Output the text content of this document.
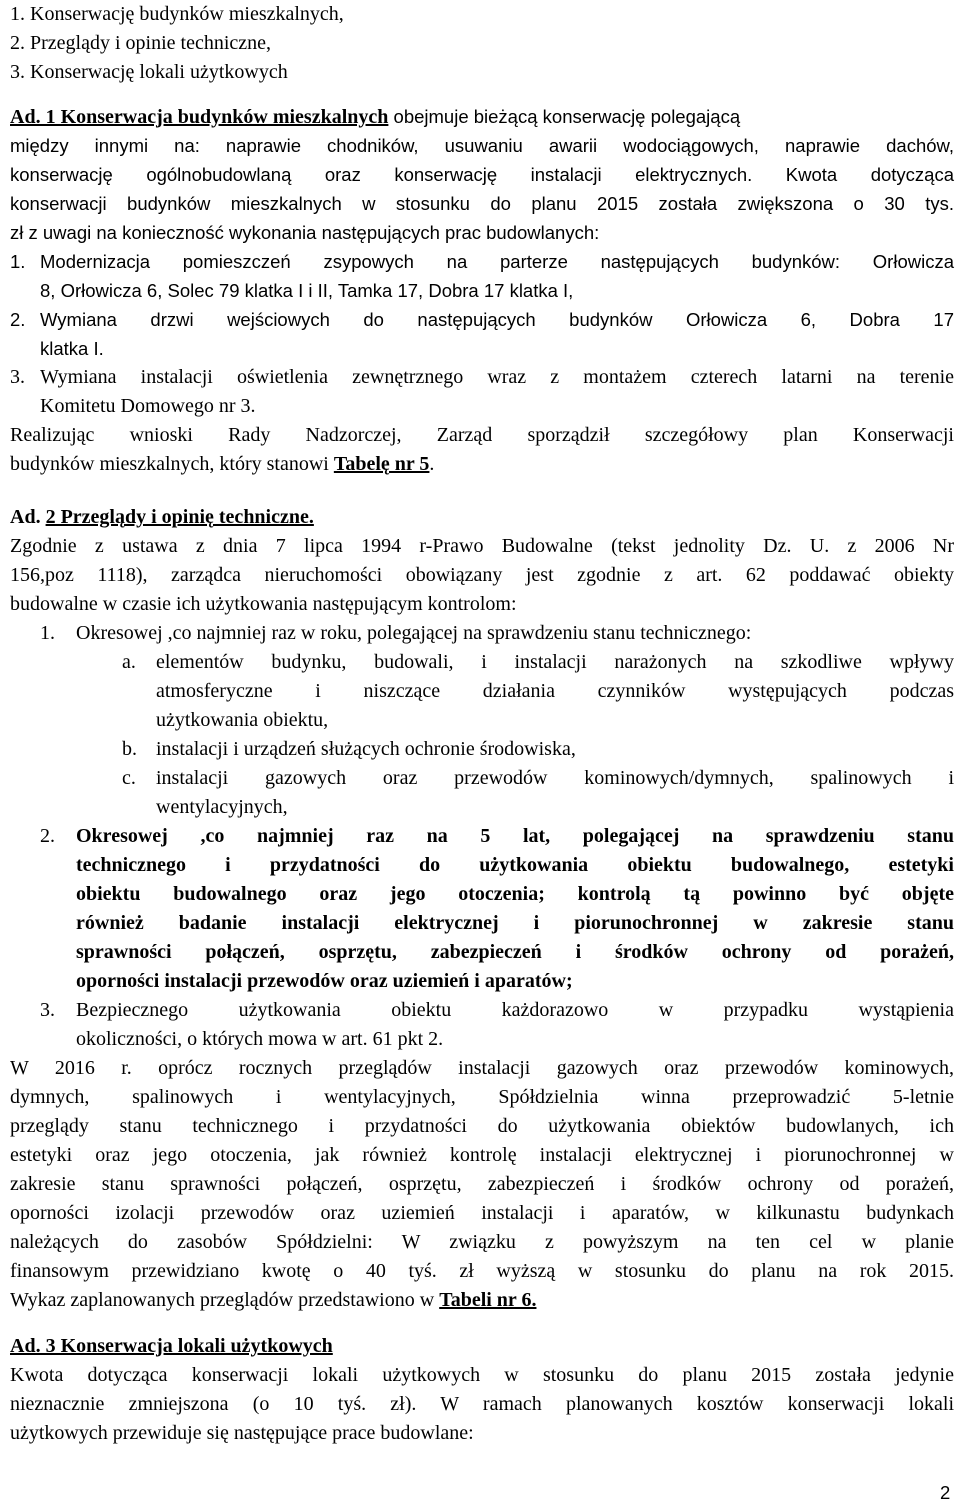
1. Konserwację budynków mieszkalnych,
2. Przeglądy i opinie techniczne,
3. Konserwację lokali użytkowych
Ad. 1 Konserwacja budynków mieszkalnych obejmuje bieżącą konserwację polegającą
między innymi na: naprawie chodników, usuwaniu awarii wodociągowych, naprawie dachów,
konserwację ogólnobudowlaną oraz konserwację instalacji elektrycznych. Kwota dotycząca
konserwacji budynków mieszkalnych w stosunku do planu 2015 została zwiększona o 30 tys.
zł z uwagi na konieczność wykonania następujących prac budowlanych:
1. Modernizacja pomieszczeń zsypowych na parterze następujących budynków: Orłowicza
8, Orłowicza 6, Solec 79 klatka I i II, Tamka 17, Dobra 17 klatka I,
2. Wymiana drzwi wejściowych do następujących budynków Orłowicza 6, Dobra 17
klatka I.
3. Wymiana instalacji oświetlenia zewnętrznego wraz z montażem czterech latarni na terenie
Komitetu Domowego nr 3.
Realizując wnioski Rady Nadzorczej, Zarząd sporządził szczegółowy plan Konserwacji
budynków mieszkalnych, który stanowi Tabelę nr 5.
Ad. 2 Przeglądy i opinię techniczne.
Zgodnie z ustawa z dnia 7 lipca 1994 r-Prawo Budowalne (tekst jednolity Dz. U. z 2006 Nr
156,poz 1118), zarządca nieruchomości obowiązany jest zgodnie z art. 62 poddawać obiekty
budowalne w czasie ich użytkowania następującym kontrolom:
1. Okresowej ,co najmniej raz w roku, polegającej na sprawdzeniu stanu technicznego:
a. elementów budynku, budowali, i instalacji narażonych na szkodliwe wpływy
atmosferyczne i niszczące działania czynników występujących podczas
użytkowania obiektu,
b. instalacji i urządzeń służących ochronie środowiska,
c. instalacji gazowych oraz przewodów kominowych/dymnych, spalinowych i
wentylacyjnych,
2. Okresowej ,co najmniej raz na 5 lat, polegającej na sprawdzeniu stanu
technicznego i przydatności do użytkowania obiektu budowalnego, estetyki
obiektu budowalnego oraz jego otoczenia; kontrolą tą powinno być objęte
również badanie instalacji elektrycznej i piorunochronnej w zakresie stanu
sprawności połączeń, osprzętu, zabezpieczeń i środków ochrony od porażeń,
oporności instalacji przewodów oraz uziemień i aparatów;
3. Bezpiecznego użytkowania obiektu każdorazowo w przypadku wystąpienia
okoliczności, o których mowa w art. 61 pkt 2.
W 2016 r. oprócz rocznych przeglądów instalacji gazowych oraz przewodów kominowych,
dymnych, spalinowych i wentylacyjnych, Spółdzielnia winna przeprowadzić 5-letnie
przeglądy stanu technicznego i przydatności do użytkowania obiektów budowlanych, ich
estetyki oraz jego otoczenia, jak również kontrolę instalacji elektrycznej i piorunochronnej w
zakresie stanu sprawności połączeń, osprzętu, zabezpieczeń i środków ochrony od porażeń,
oporności izolacji przewodów oraz uziemień instalacji i aparatów, w kilkunastu budynkach
należących do zasobów Spółdzielni: W związku z powyższym na ten cel w planie
finansowym przewidziano kwotę o 40 tyś. zł wyższą w stosunku do planu na rok 2015.
Wykaz zaplanowanych przeglądów przedstawiono w Tabeli nr 6.
Ad. 3 Konserwacja lokali użytkowych
Kwota dotycząca konserwacji lokali użytkowych w stosunku do planu 2015 została jedynie
nieznacznie zmniejszona (o 10 tyś. zł). W ramach planowanych kosztów konserwacji lokali
użytkowych przewiduje się następujące prace budowlane:
2
